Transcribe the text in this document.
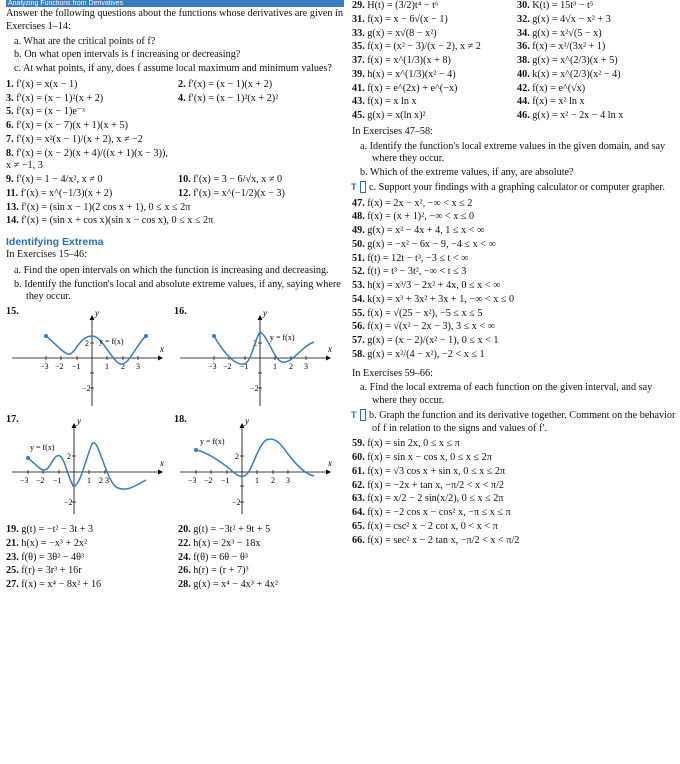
Analyzing Functions from Derivatives
Answer the following questions about the functions whose derivatives are given in Exercises 1–14:
a. What are the critical points of f?
b. On what open intervals is f increasing or decreasing?
c. At what points, if any, does f assume local maximum and minimum values?
1. f′(x) = x(x − 1)	2. f′(x) = (x − 1)(x + 2)
3. f′(x) = (x − 1)²(x + 2)	4. f′(x) = (x − 1)²(x + 2)²
5. f′(x) = (x − 1)e⁻ˣ
6. f′(x) = (x − 7)(x + 1)(x + 5)
7. f′(x) = x²(x − 1)/(x + 2), x ≠ −2
8. f′(x) = (x − 2)(x + 4)/((x + 1)(x − 3)), x ≠ −1, 3
9. f′(x) = 1 − 4/x², x ≠ 0	10. f′(x) = 3 − 6/√x, x ≠ 0
11. f′(x) = x^(−1/3)(x + 2)	12. f′(x) = x^(−1/2)(x − 3)
13. f′(x) = (sin x − 1)(2 cos x + 1), 0 ≤ x ≤ 2π
14. f′(x) = (sin x + cos x)(sin x − cos x), 0 ≤ x ≤ 2π
Identifying Extrema
In Exercises 15–46:
a. Find the open intervals on which the function is increasing and decreasing.
b. Identify the function's local and absolute extreme values, if any, saying where they occur.
15.	y
x
−3 −2 −1	1 2 3
2
−2
y = f(x)
16.	y
x
−3 −2 −1	1 2 3
2
−2
y = f(x)
17.	y
x
−3 −2 −1	1 2 3
2
−2
y = f(x)
18.	y
x
−3 −2 −1	1 2 3
2
−2
y = f(x)
19. g(t) = −t² − 3t + 3	20. g(t) = −3t² + 9t + 5
21. h(x) = −x³ + 2x²	22. h(x) = 2x³ − 18x
23. f(θ) = 3θ² − 4θ³	24. f(θ) = 6θ − θ³
25. f(r) = 3r³ + 16r	26. h(r) = (r + 7)³
27. f(x) = x⁴ − 8x² + 16	28. g(x) = x⁴ − 4x³ + 4x²
29. H(t) = (3/2)t⁴ − t⁶	30. K(t) = 15t³ − t⁵
31. f(x) = x − 6√(x − 1)	32. g(x) = 4√x − x² + 3
33. g(x) = x√(8 − x²)	34. g(x) = x²√(5 − x)
35. f(x) = (x² − 3)/(x − 2), x ≠ 2	36. f(x) = x³/(3x² + 1)
37. f(x) = x^(1/3)(x + 8)	38. g(x) = x^(2/3)(x + 5)
39. h(x) = x^(1/3)(x² − 4)	40. k(x) = x^(2/3)(x² − 4)
41. f(x) = e^(2x) + e^(−x)	42. f(x) = e^(√x)
43. f(x) = x ln x	44. f(x) = x² ln x
45. g(x) = x(ln x)²	46. g(x) = x² − 2x − 4 ln x
In Exercises 47–58:
a. Identify the function's local extreme values in the given domain, and say where they occur.
b. Which of the extreme values, if any, are absolute?
T c. Support your findings with a graphing calculator or computer grapher.
47. f(x) = 2x − x², −∞ < x ≤ 2
48. f(x) = (x + 1)², −∞ < x ≤ 0
49. g(x) = x² − 4x + 4, 1 ≤ x < ∞
50. g(x) = −x² − 6x − 9, −4 ≤ x < ∞
51. f(t) = 12t − t³, −3 ≤ t < ∞
52. f(t) = t³ − 3t², −∞ < t ≤ 3
53. h(x) = x³/3 − 2x² + 4x, 0 ≤ x < ∞
54. k(x) = x³ + 3x² + 3x + 1, −∞ < x ≤ 0
55. f(x) = √(25 − x²), −5 ≤ x ≤ 5
56. f(x) = √(x² − 2x − 3), 3 ≤ x < ∞
57. g(x) = (x − 2)/(x² − 1), 0 ≤ x < 1
58. g(x) = x²/(4 − x²), −2 < x ≤ 1
In Exercises 59–66:
a. Find the local extrema of each function on the given interval, and say where they occur.
T b. Graph the function and its derivative together. Comment on the behavior of f in relation to the signs and values of f′.
59. f(x) = sin 2x, 0 ≤ x ≤ π
60. f(x) = sin x − cos x, 0 ≤ x ≤ 2π
61. f(x) = √3 cos x + sin x, 0 ≤ x ≤ 2π
62. f(x) = −2x + tan x, −π/2 < x < π/2
63. f(x) = x/2 − 2 sin(x/2), 0 ≤ x ≤ 2π
64. f(x) = −2 cos x − cos² x, −π ≤ x ≤ π
65. f(x) = csc² x − 2 cot x, 0 < x < π
66. f(x) = sec² x − 2 tan x, −π/2 < x < π/2
